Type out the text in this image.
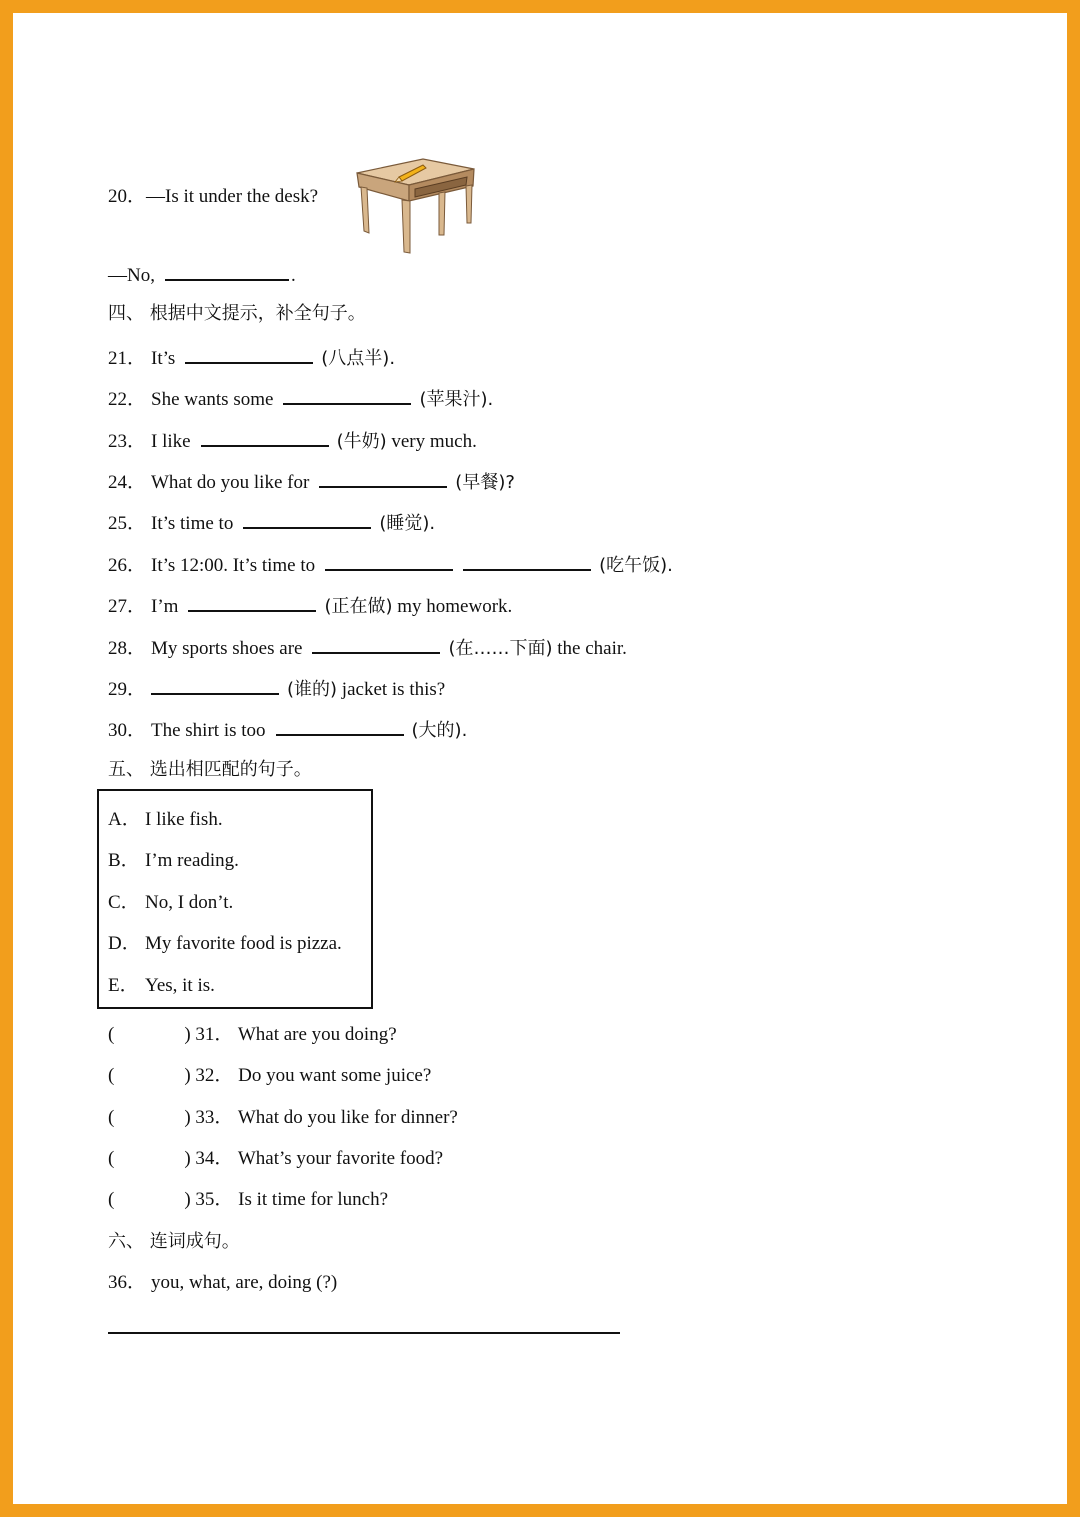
20．—Is it under the desk?
—No,	.
四、 根据中文提示，补全句子。
21． It’s	(八点半).
22． She wants some	(苹果汁).
23． I like	(牛奶) very much.
24． What do you like for	(早餐)?
25． It’s time to	(睡觉).
26． It’s 12:00. It’s time to	(吃午饭).
27． I’m	(正在做) my homework.
28． My sports shoes are	(在……下面) the chair.
29．	(谁的) jacket is this?
30． The shirt is too	(大的).
五、 选出相匹配的句子。
A． I like fish.
B． I’m reading.
C． No, I don’t.
D． My favorite food is pizza.
E． Yes, it is.
(	) 31． What are you doing?
(	) 32． Do you want some juice?
(	) 33． What do you like for dinner?
(	) 34． What’s your favorite food?
(	) 35． Is it time for lunch?
六、 连词成句。
36． you, what, are, doing (?)
